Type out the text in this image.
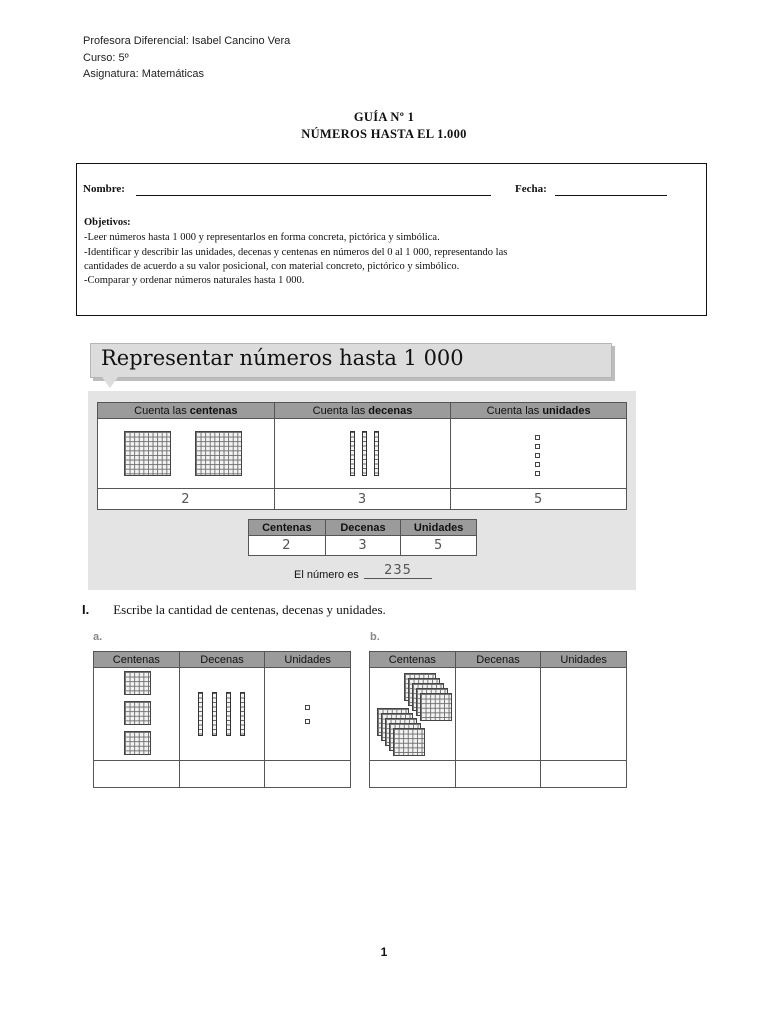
Profesora Diferencial: Isabel Cancino Vera
Curso: 5º
Asignatura: Matemáticas
GUÍA Nº 1
NÚMEROS HASTA EL 1.000
Nombre:	Fecha:
Objetivos:
-Leer números hasta 1 000 y representarlos en forma concreta, pictórica y simbólica.
-Identificar y describir las unidades, decenas y centenas en números del 0 al 1 000, representando las
cantidades de acuerdo a su valor posicional, con material concreto, pictórico y simbólico.
-Comparar y ordenar números naturales hasta 1 000.
Representar números hasta 1 000
Cuenta las centenas	Cuenta las decenas	Cuenta las unidades

2	3	5
Centenas	Decenas	Unidades
2	3	5
El número es	235
I. Escribe la cantidad de centenas, decenas y unidades.
a.	b.
Centenas	Decenas	Unidades

			Centenas	Decenas	Unidades

1
